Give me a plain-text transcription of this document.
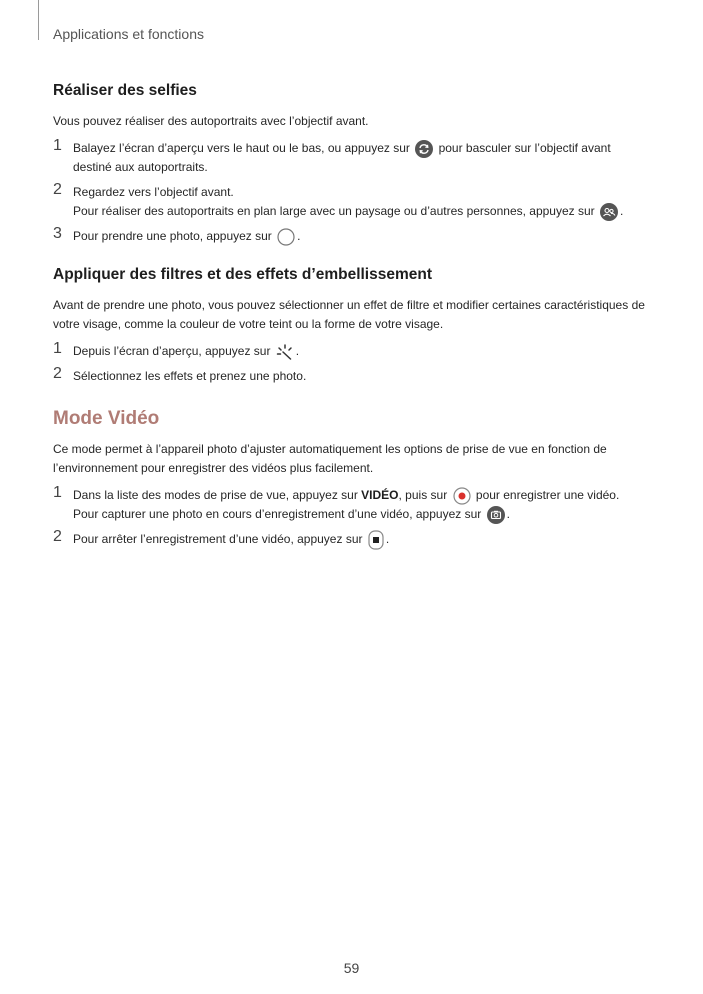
Applications et fonctions
Réaliser des selfies

Vous pouvez réaliser des autoportraits avec l’objectif avant.

1 Balayez l’écran d’aperçu vers le haut ou le bas, ou appuyez sur pour basculer sur l’objectif avant
destiné aux autoportraits.
2 Regardez vers l’objectif avant.
Pour réaliser des autoportraits en plan large avec un paysage ou d’autres personnes, appuyez sur .
3 Pour prendre une photo, appuyez sur .
Appliquer des filtres et des effets d’embellissement

Avant de prendre une photo, vous pouvez sélectionner un effet de filtre et modifier certaines caractéristiques de votre visage, comme la couleur de votre teint ou la forme de votre visage.

1 Depuis l’écran d’aperçu, appuyez sur .
2 Sélectionnez les effets et prenez une photo.
Mode Vidéo

Ce mode permet à l’appareil photo d’ajuster automatiquement les options de prise de vue en fonction de l’environnement pour enregistrer des vidéos plus facilement.

1 Dans la liste des modes de prise de vue, appuyez sur VIDÉO, puis sur pour enregistrer une vidéo.
Pour capturer une photo en cours d’enregistrement d’une vidéo, appuyez sur .
2 Pour arrêter l’enregistrement d’une vidéo, appuyez sur .
59
